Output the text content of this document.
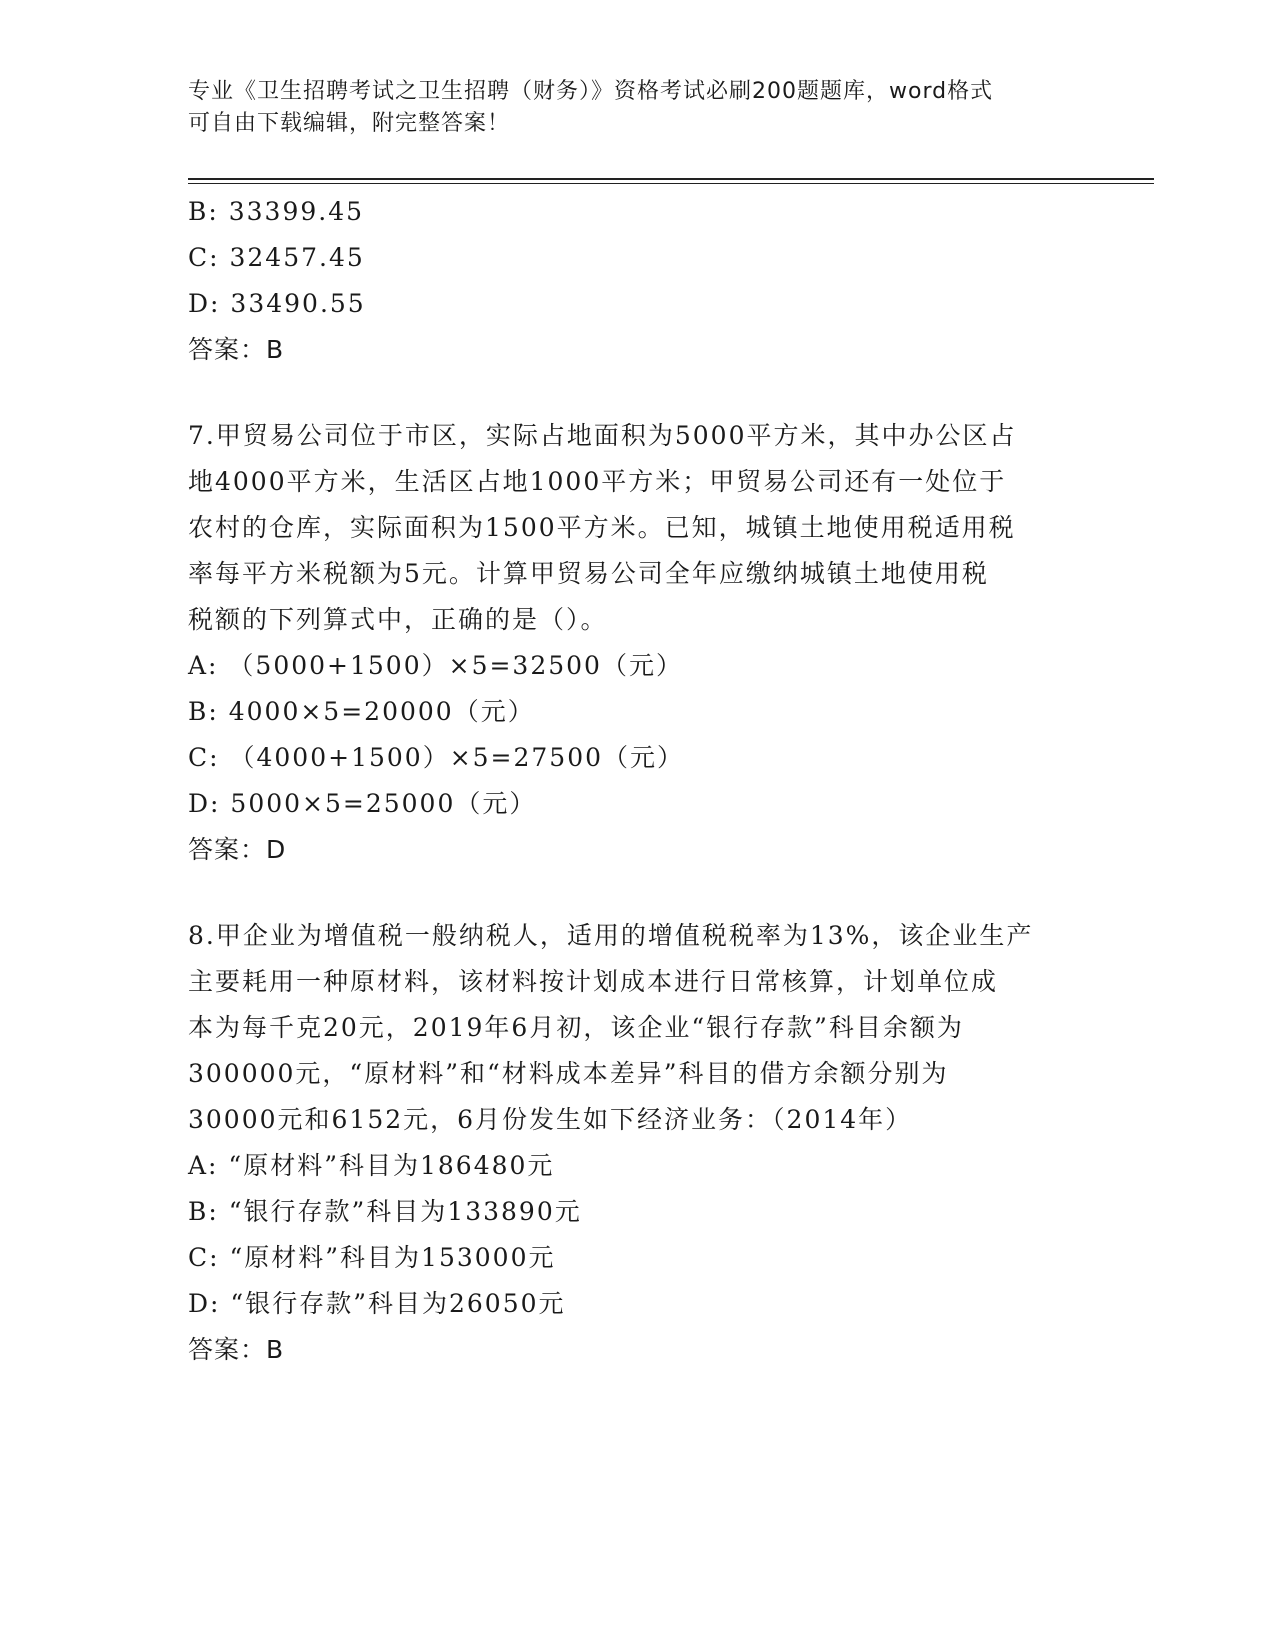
专业《卫生招聘考试之卫生招聘（财务）》资格考试必刷200题题库，word格式
可自由下载编辑，附完整答案！
B: 33399.45
C: 32457.45
D: 33490.55
答案：B
7.甲贸易公司位于市区，实际占地面积为5000平方米，其中办公区占
地4000平方米，生活区占地1000平方米；甲贸易公司还有一处位于
农村的仓库，实际面积为1500平方米。已知，城镇土地使用税适用税
率每平方米税额为5元。计算甲贸易公司全年应缴纳城镇土地使用税
税额的下列算式中，正确的是（）。
A: （5000+1500）×5=32500（元）
B: 4000×5=20000（元）
C: （4000+1500）×5=27500（元）
D: 5000×5=25000（元）
答案：D
8.甲企业为增值税一般纳税人，适用的增值税税率为13%，该企业生产
主要耗用一种原材料，该材料按计划成本进行日常核算，计划单位成
本为每千克20元，2019年6月初，该企业“银行存款”科目余额为
300000元，“原材料”和“材料成本差异”科目的借方余额分别为
30000元和6152元，6月份发生如下经济业务：（2014年）
A: “原材料”科目为186480元
B: “银行存款”科目为133890元
C: “原材料”科目为153000元
D: “银行存款”科目为26050元
答案：B
